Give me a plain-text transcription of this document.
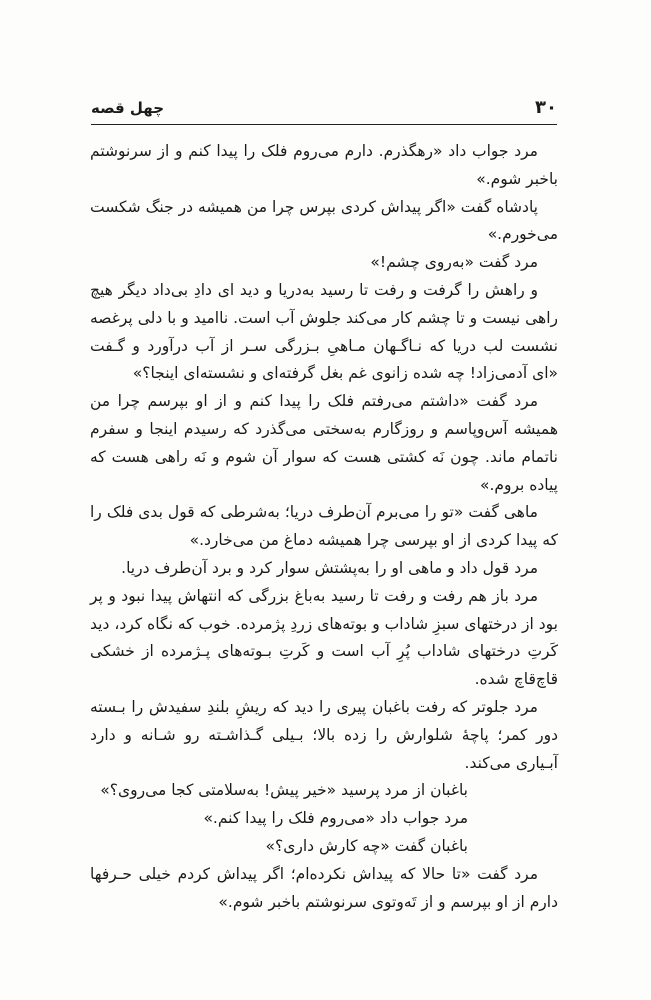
۳۰
چهل قصه

مرد جواب داد «رهگذرم. دارم می‌روم فلک را پیدا کنم و از سرنوشتم باخبر شوم.»

پادشاه گفت «اگر پیداش کردی بپرس چرا من همیشه در جنگ شکست می‌خورم.»

مرد گفت «به‌روی چشم!»

و راهش را گرفت و رفت تا رسید به‌دریا و دید ای دادِ بی‌داد دیگر هیچ راهی نیست و تا چشم کار می‌کند جلوش آب است. ناامید و با دلی پرغصه نشست لب دریا که نـاگـهان مـاهیِ بـزرگی سـر از آب درآورد و گـفت «ای آدمی‌زاد! چه شده زانوی غم بغل گرفته‌ای و نشسته‌ای اینجا؟»

مرد گفت «داشتم می‌رفتم فلک را پیدا کنم و از او بپرسم چرا من همیشه آس‌وپاسم و روزگارم به‌سختی می‌گذرد که رسیدم اینجا و سفرم ناتمام ماند. چون نَه کشتی هست که سوار آن شوم و نَه راهی هست که پیاده بروم.»

ماهی گفت «تو را می‌برم آن‌طرف دریا؛ به‌شرطی که قول بدی فلک را که پیدا کردی از او بپرسی چرا همیشه دماغ من می‌خارد.»

مرد قول داد و ماهی او را به‌پشتش سوار کرد و برد آن‌طرف دریا.

مرد باز هم رفت و رفت تا رسید به‌باغ بزرگی که انتهاش پیدا نبود و پر بود از درختهای سبزِ شاداب و بوته‌های زردِ پژمرده. خوب که نگاه کرد، دید کَرتِ درختهای شاداب پُرِ آب است و کَرتِ بـوته‌های پـژمرده از خشکی قاچ‌قاچ شده.

مرد جلوتر که رفت باغبان پیری را دید که ریشِ بلندِ سفیدش را بـسته دور کمر؛ پاچهٔ شلوارش را زده بالا؛ بـیلی گـذاشـته رو شـانه و دارد آبـیاری می‌کند.

باغبان از مرد پرسید «خیر پیش! به‌سلامتی کجا می‌روی؟»

مرد جواب داد «می‌روم فلک را پیدا کنم.»

باغبان گفت «چه کارش داری؟»

مرد گفت «تا حالا که پیداش نکرده‌ام؛ اگر پیداش کردم خیلی حـرفها دارم از او بپرسم و از تَه‌وتوی سرنوشتم باخبر شوم.»
